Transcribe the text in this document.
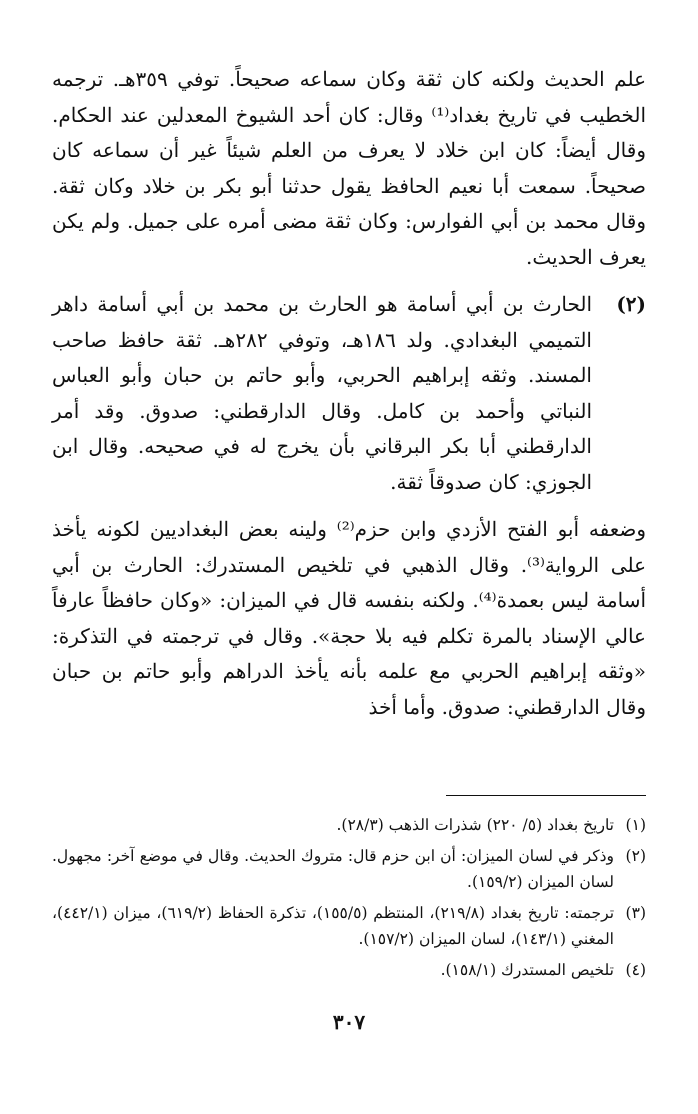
علم الحديث ولكنه كان ثقة وكان سماعه صحيحاً. توفي ٣٥٩هـ. ترجمه الخطيب في تاريخ بغداد⁽¹⁾ وقال: كان أحد الشيوخ المعدلين عند الحكام. وقال أيضاً: كان ابن خلاد لا يعرف من العلم شيئاً غير أن سماعه كان صحيحاً. سمعت أبا نعيم الحافظ يقول حدثنا أبو بكر بن خلاد وكان ثقة. وقال محمد بن أبي الفوارس: وكان ثقة مضى أمره على جميل. ولم يكن يعرف الحديث.

(٢)

الحارث بن أبي أسامة هو الحارث بن محمد بن أبي أسامة داهر التميمي البغدادي. ولد ١٨٦هـ، وتوفي ٢٨٢هـ. ثقة حافظ صاحب المسند. وثقه إبراهيم الحربي، وأبو حاتم بن حبان وأبو العباس النباتي وأحمد بن كامل. وقال الدارقطني: صدوق. وقد أمر الدارقطني أبا بكر البرقاني بأن يخرج له في صحيحه. وقال ابن الجوزي: كان صدوقاً ثقة.

وضعفه أبو الفتح الأزدي وابن حزم⁽²⁾ ولينه بعض البغداديين لكونه يأخذ على الرواية⁽³⁾. وقال الذهبي في تلخيص المستدرك: الحارث بن أبي أسامة ليس بعمدة⁽⁴⁾. ولكنه بنفسه قال في الميزان: «وكان حافظاً عارفاً عالي الإسناد بالمرة تكلم فيه بلا حجة». وقال في ترجمته في التذكرة: «وثقه إبراهيم الحربي مع علمه بأنه يأخذ الدراهم وأبو حاتم بن حبان وقال الدارقطني: صدوق. وأما أخذ

(١)

تاريخ بغداد (٥/ ٢٢٠) شذرات الذهب (٢٨/٣).

(٢)

وذكر في لسان الميزان: أن ابن حزم قال: متروك الحديث. وقال في موضع آخر: مجهول. لسان الميزان (١٥٩/٢).

(٣)

ترجمته: تاريخ بغداد (٢١٩/٨)، المنتظم (١٥٥/٥)، تذكرة الحفاظ (٦١٩/٢)، ميزان (٤٤٢/١)، المغني (١٤٣/١)، لسان الميزان (١٥٧/٢).

(٤)

تلخيص المستدرك (١٥٨/١).

٣٠٧
